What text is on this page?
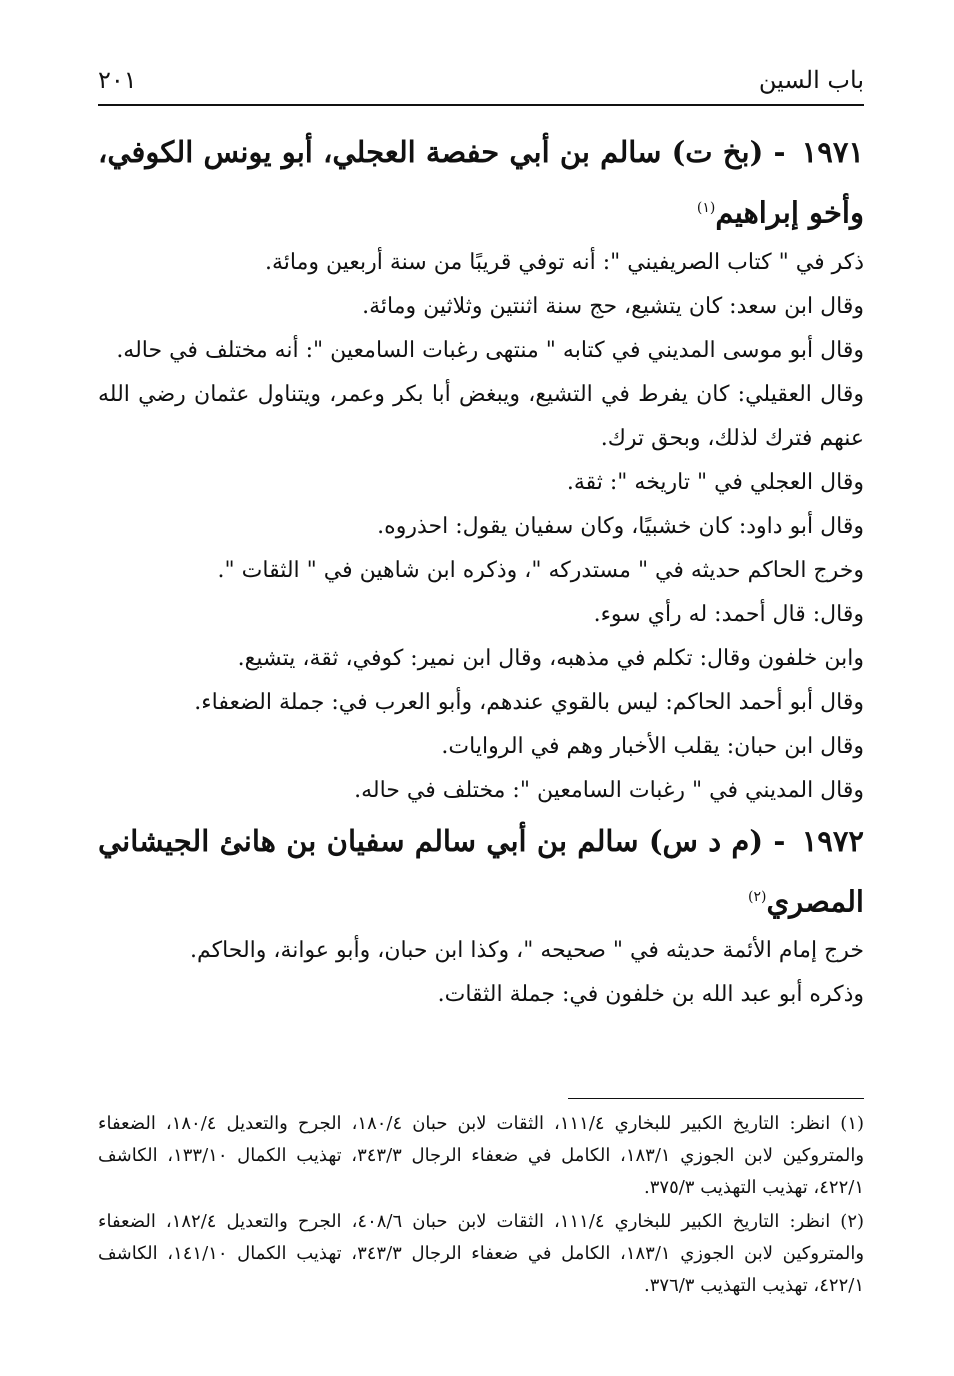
باب السين
٢٠١
١٩٧١ - (بخ ت) سالم بن أبي حفصة العجلي، أبو يونس الكوفي، وأخو إبراهيم$^{(١)}$

ذكر في " كتاب الصريفيني ": أنه توفي قريبًا من سنة أربعين ومائة.

وقال ابن سعد: كان يتشيع، حج سنة اثنتين وثلاثين ومائة.

وقال أبو موسى المديني في كتابه " منتهى رغبات السامعين ": أنه مختلف في حاله.

وقال العقيلي: كان يفرط في التشيع، ويبغض أبا بكر وعمر، ويتناول عثمان رضي الله عنهم فترك لذلك، وبحق ترك.

وقال العجلي في " تاريخه ": ثقة.

وقال أبو داود: كان خشبيًا، وكان سفيان يقول: احذروه.

وخرج الحاكم حديثه في " مستدركه "، وذكره ابن شاهين في " الثقات ".

وقال: قال أحمد: له رأي سوء.

وابن خلفون وقال: تكلم في مذهبه، وقال ابن نمير: كوفي، ثقة، يتشيع.

وقال أبو أحمد الحاكم: ليس بالقوي عندهم، وأبو العرب في: جملة الضعفاء.

وقال ابن حبان: يقلب الأخبار وهم في الروايات.

وقال المديني في " رغبات السامعين ": مختلف في حاله.

١٩٧٢ - (م د س) سالم بن أبي سالم سفيان بن هانئ الجيشاني المصري$^{(٢)}$

خرج إمام الأئمة حديثه في " صحيحه "، وكذا ابن حبان، وأبو عوانة، والحاكم.

وذكره أبو عبد الله بن خلفون في: جملة الثقات.

(١) انظر: التاريخ الكبير للبخاري ١١١/٤، الثقات لابن حبان ١٨٠/٤، الجرح والتعديل ١٨٠/٤، الضعفاء والمتروكين لابن الجوزي ١٨٣/١، الكامل في ضعفاء الرجال ٣٤٣/٣، تهذيب الكمال ١٣٣/١٠، الكاشف ٤٢٢/١، تهذيب التهذيب ٣٧٥/٣.

(٢) انظر: التاريخ الكبير للبخاري ١١١/٤، الثقات لابن حبان ٤٠٨/٦، الجرح والتعديل ١٨٢/٤، الضعفاء والمتروكين لابن الجوزي ١٨٣/١، الكامل في ضعفاء الرجال ٣٤٣/٣، تهذيب الكمال ١٤١/١٠، الكاشف ٤٢٢/١، تهذيب التهذيب ٣٧٦/٣.
